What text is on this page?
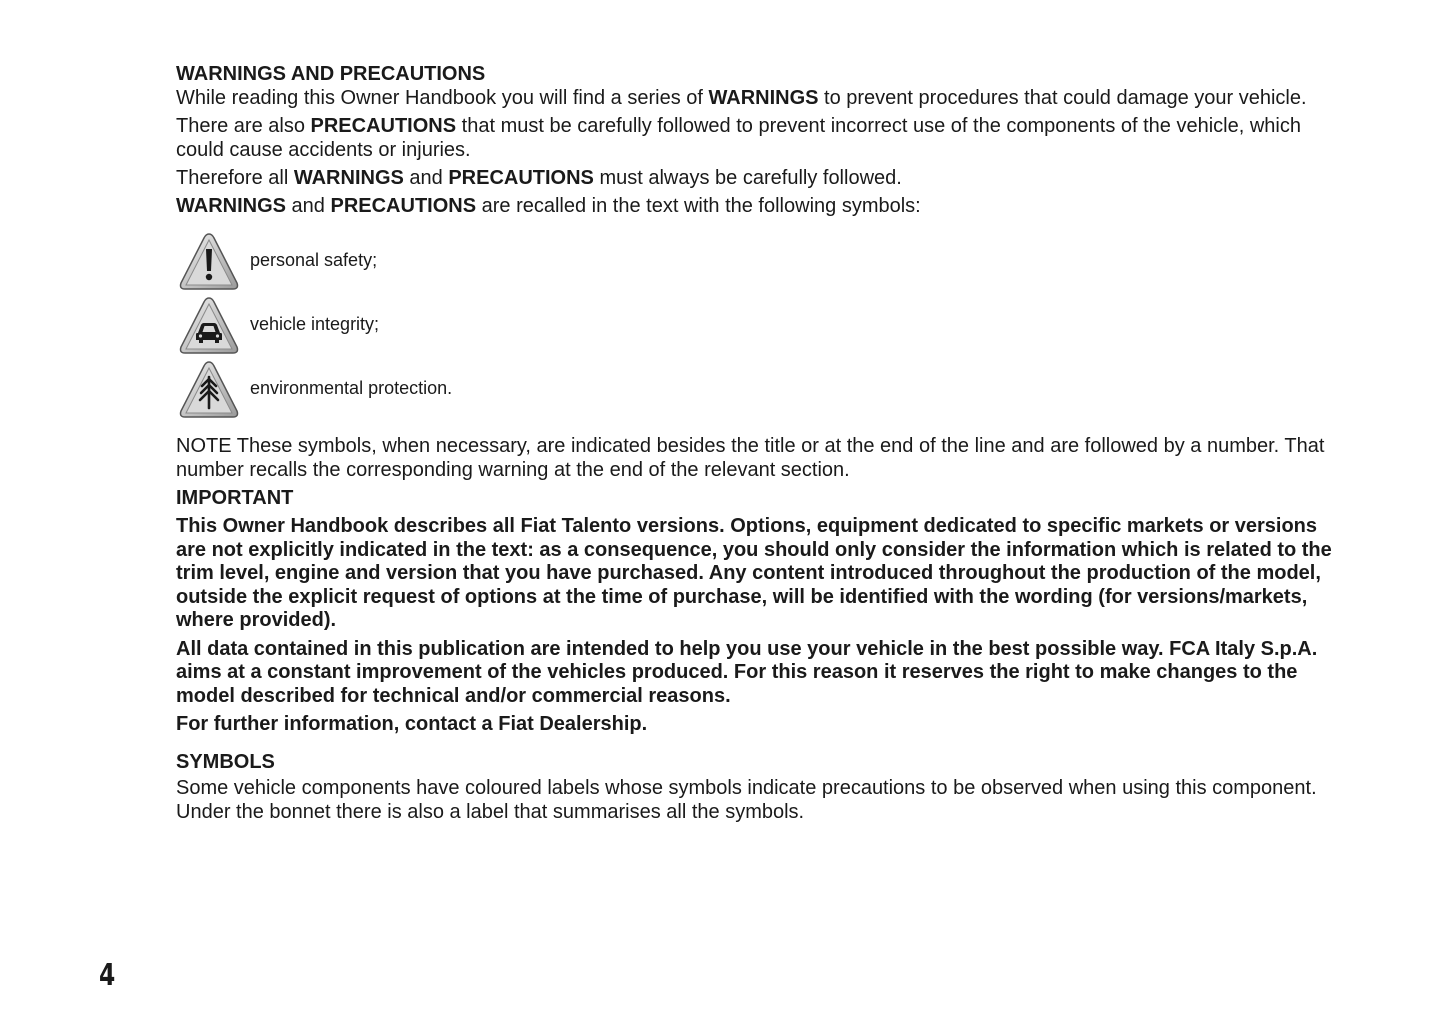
WARNINGS AND PRECAUTIONS

While reading this Owner Handbook you will find a series of WARNINGS to prevent procedures that could damage your vehicle.

There are also PRECAUTIONS that must be carefully followed to prevent incorrect use of the components of the vehicle, which could cause accidents or injuries.

Therefore all WARNINGS and PRECAUTIONS must always be carefully followed.

WARNINGS and PRECAUTIONS are recalled in the text with the following symbols:

personal safety;
vehicle integrity;
environmental protection.

NOTE These symbols, when necessary, are indicated besides the title or at the end of the line and are followed by a number. That number recalls the corresponding warning at the end of the relevant section.

IMPORTANT

This Owner Handbook describes all Fiat Talento versions. Options, equipment dedicated to specific markets or versions are not explicitly indicated in the text: as a consequence, you should only consider the information which is related to the trim level, engine and version that you have purchased. Any content introduced throughout the production of the model, outside the explicit request of options at the time of purchase, will be identified with the wording (for versions/markets, where provided).

All data contained in this publication are intended to help you use your vehicle in the best possible way. FCA Italy S.p.A. aims at a constant improvement of the vehicles produced. For this reason it reserves the right to make changes to the model described for technical and/or commercial reasons.

For further information, contact a Fiat Dealership.

SYMBOLS

Some vehicle components have coloured labels whose symbols indicate precautions to be observed when using this component. Under the bonnet there is also a label that summarises all the symbols.

4
